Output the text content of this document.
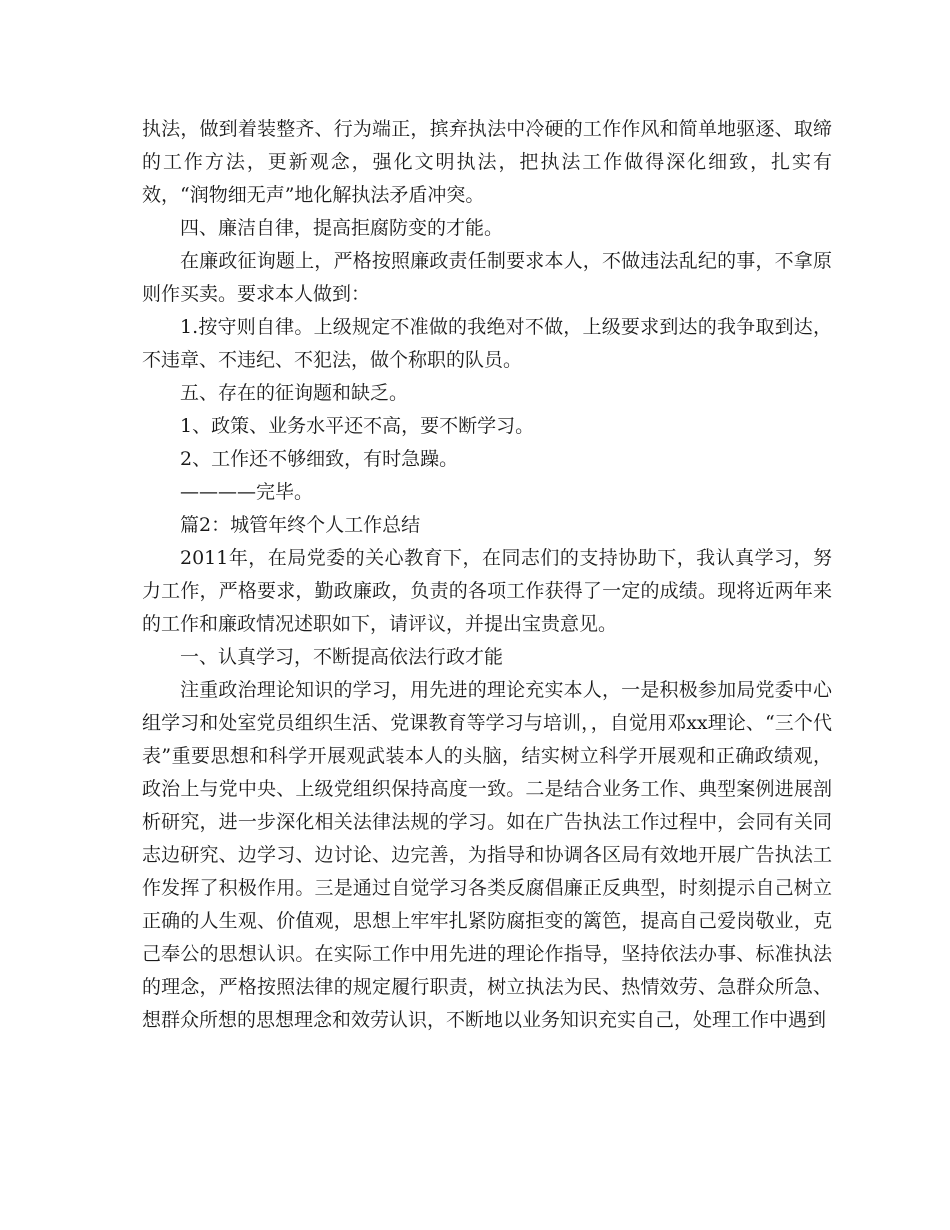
执法，做到着装整齐、行为端正，摈弃执法中冷硬的工作作风和简单地驱逐、取缔的工作方法，更新观念，强化文明执法，把执法工作做得深化细致，扎实有效，“润物细无声”地化解执法矛盾冲突。

四、廉洁自律，提高拒腐防变的才能。

在廉政征询题上，严格按照廉政责任制要求本人，不做违法乱纪的事，不拿原则作买卖。要求本人做到：

1.按守则自律。上级规定不准做的我绝对不做，上级要求到达的我争取到达，不违章、不违纪、不犯法，做个称职的队员。

五、存在的征询题和缺乏。

1、政策、业务水平还不高，要不断学习。

2、工作还不够细致，有时急躁。

————完毕。

篇2：城管年终个人工作总结

2011年，在局党委的关心教育下，在同志们的支持协助下，我认真学习，努力工作，严格要求，勤政廉政，负责的各项工作获得了一定的成绩。现将近两年来的工作和廉政情况述职如下，请评议，并提出宝贵意见。

一、认真学习，不断提高依法行政才能

注重政治理论知识的学习，用先进的理论充实本人，一是积极参加局党委中心组学习和处室党员组织生活、党课教育等学习与培训，，自觉用邓xx理论、“三个代表”重要思想和科学开展观武装本人的头脑，结实树立科学开展观和正确政绩观，政治上与党中央、上级党组织保持高度一致。二是结合业务工作、典型案例进展剖析研究，进一步深化相关法律法规的学习。如在广告执法工作过程中，会同有关同志边研究、边学习、边讨论、边完善，为指导和协调各区局有效地开展广告执法工作发挥了积极作用。三是通过自觉学习各类反腐倡廉正反典型，时刻提示自己树立正确的人生观、价值观，思想上牢牢扎紧防腐拒变的篱笆，提高自己爱岗敬业，克己奉公的思想认识。在实际工作中用先进的理论作指导，坚持依法办事、标准执法的理念，严格按照法律的规定履行职责，树立执法为民、热情效劳、急群众所急、想群众所想的思想理念和效劳认识，不断地以业务知识充实自己，处理工作中遇到
